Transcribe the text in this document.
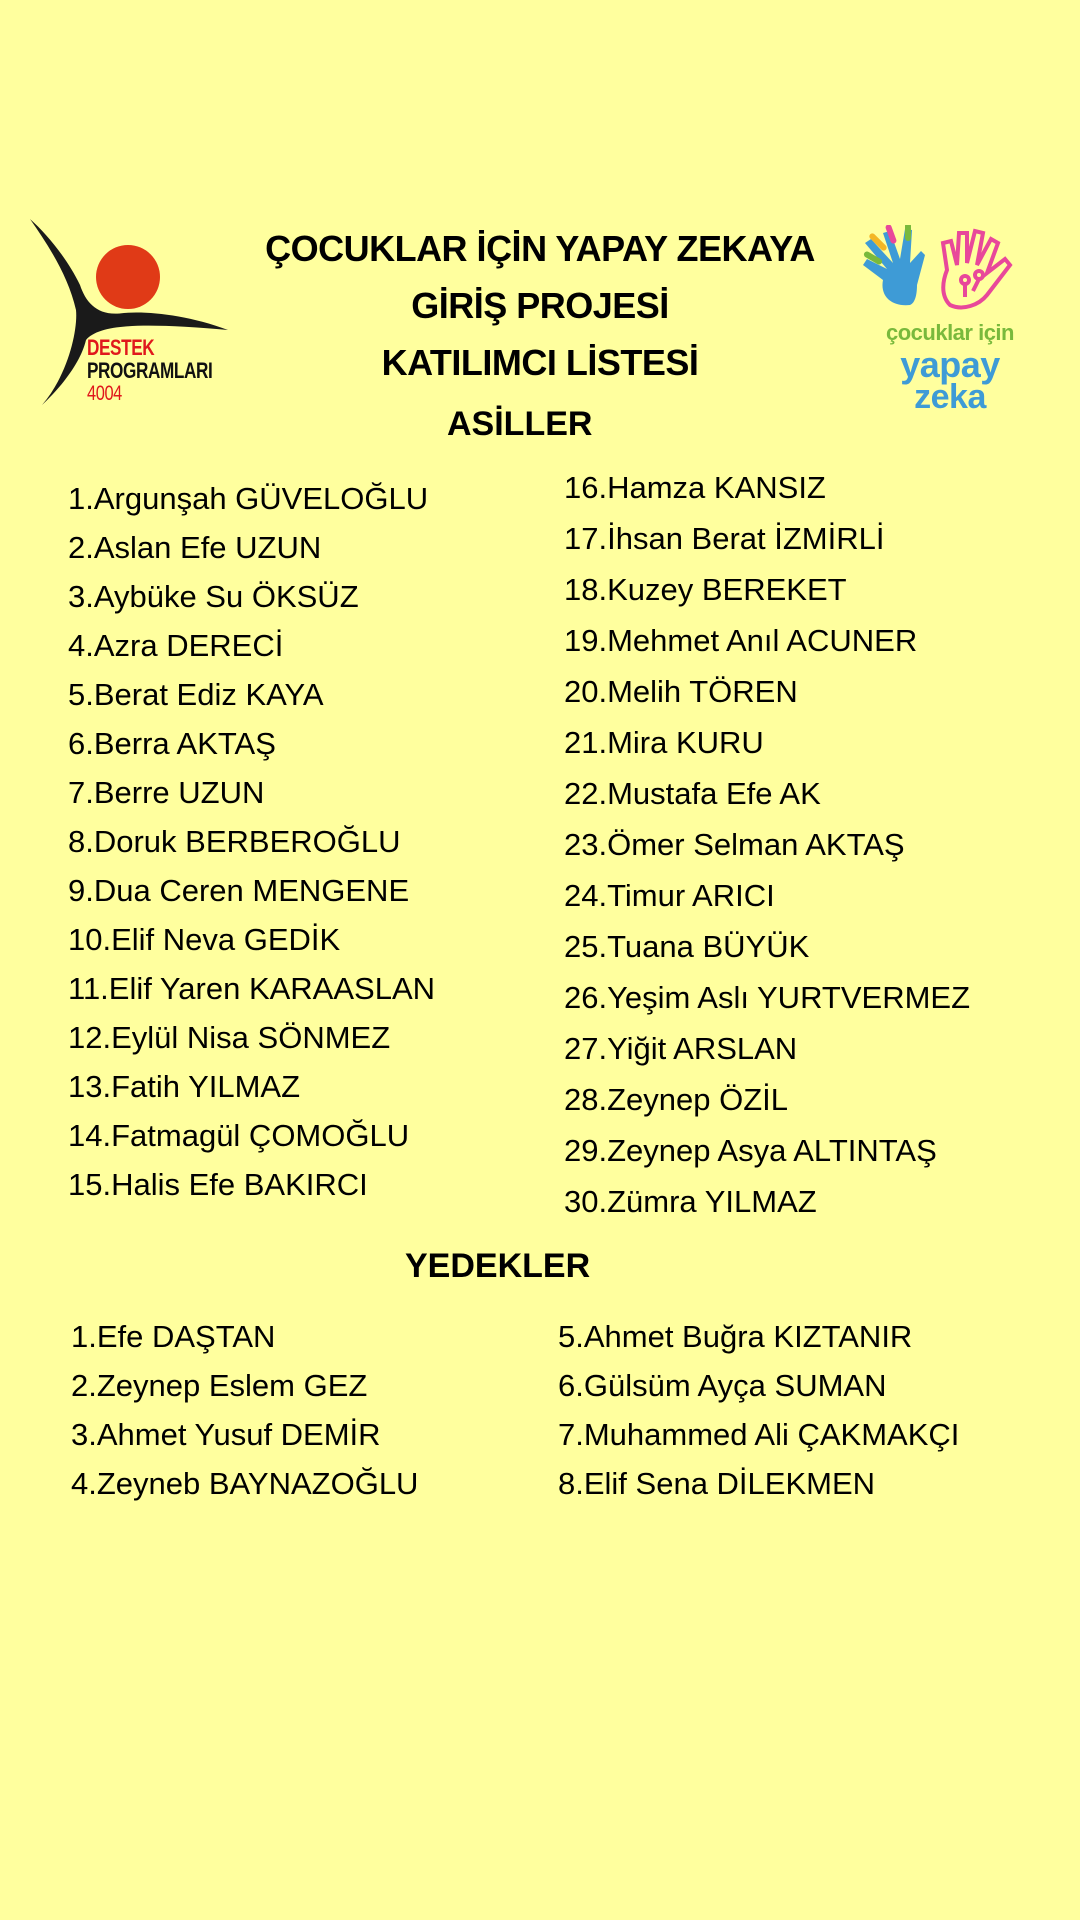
DESTEK
PROGRAMLARI
4004
çocuklar için
yapay
zeka
ÇOCUKLAR İÇİN YAPAY ZEKAYA
GİRİŞ PROJESİ
KATILIMCI LİSTESİ
ASİLLER
1.Argunşah GÜVELOĞLU
2.Aslan Efe UZUN
3.Aybüke Su ÖKSÜZ
4.Azra DERECİ
5.Berat Ediz KAYA
6.Berra AKTAŞ
7.Berre UZUN
8.Doruk BERBEROĞLU
9.Dua Ceren MENGENE
10.Elif Neva GEDİK
11.Elif Yaren KARAASLAN
12.Eylül Nisa SÖNMEZ
13.Fatih YILMAZ
14.Fatmagül ÇOMOĞLU
15.Halis Efe BAKIRCI
16.Hamza KANSIZ
17.İhsan Berat İZMİRLİ
18.Kuzey BEREKET
19.Mehmet Anıl ACUNER
20.Melih TÖREN
21.Mira KURU
22.Mustafa Efe AK
23.Ömer Selman AKTAŞ
24.Timur ARICI
25.Tuana BÜYÜK
26.Yeşim Aslı YURTVERMEZ
27.Yiğit ARSLAN
28.Zeynep ÖZİL
29.Zeynep Asya ALTINTAŞ
30.Zümra YILMAZ
YEDEKLER
1.Efe DAŞTAN
2.Zeynep Eslem GEZ
3.Ahmet Yusuf DEMİR
4.Zeyneb BAYNAZOĞLU
5.Ahmet Buğra KIZTANIR
6.Gülsüm Ayça SUMAN
7.Muhammed Ali ÇAKMAKÇI
8.Elif Sena DİLEKMEN
